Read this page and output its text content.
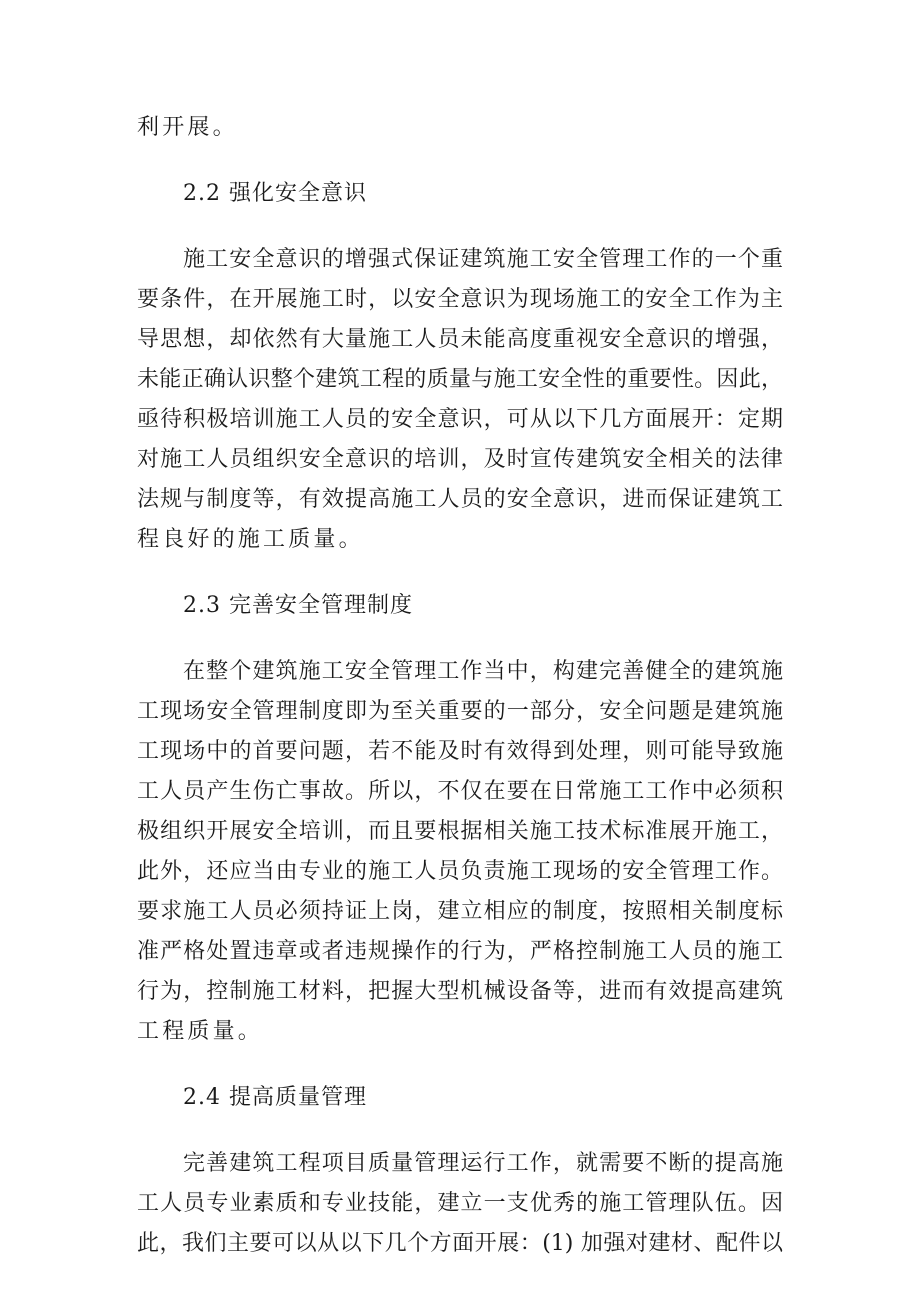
利开展。
2.2 强化安全意识
施工安全意识的增强式保证建筑施工安全管理工作的一个重
要条件，在开展施工时，以安全意识为现场施工的安全工作为主
导思想，却依然有大量施工人员未能高度重视安全意识的增强，
未能正确认识整个建筑工程的质量与施工安全性的重要性。因此，
亟待积极培训施工人员的安全意识，可从以下几方面展开：定期
对施工人员组织安全意识的培训，及时宣传建筑安全相关的法律
法规与制度等，有效提高施工人员的安全意识，进而保证建筑工
程良好的施工质量。
2.3 完善安全管理制度
在整个建筑施工安全管理工作当中，构建完善健全的建筑施
工现场安全管理制度即为至关重要的一部分，安全问题是建筑施
工现场中的首要问题，若不能及时有效得到处理，则可能导致施
工人员产生伤亡事故。所以，不仅在要在日常施工工作中必须积
极组织开展安全培训，而且要根据相关施工技术标准展开施工，
此外，还应当由专业的施工人员负责施工现场的安全管理工作。
要求施工人员必须持证上岗，建立相应的制度，按照相关制度标
准严格处置违章或者违规操作的行为，严格控制施工人员的施工
行为，控制施工材料，把握大型机械设备等，进而有效提高建筑
工程质量。
2.4 提高质量管理
完善建筑工程项目质量管理运行工作，就需要不断的提高施
工人员专业素质和专业技能，建立一支优秀的施工管理队伍。因
此，我们主要可以从以下几个方面开展：(1) 加强对建材、配件以
